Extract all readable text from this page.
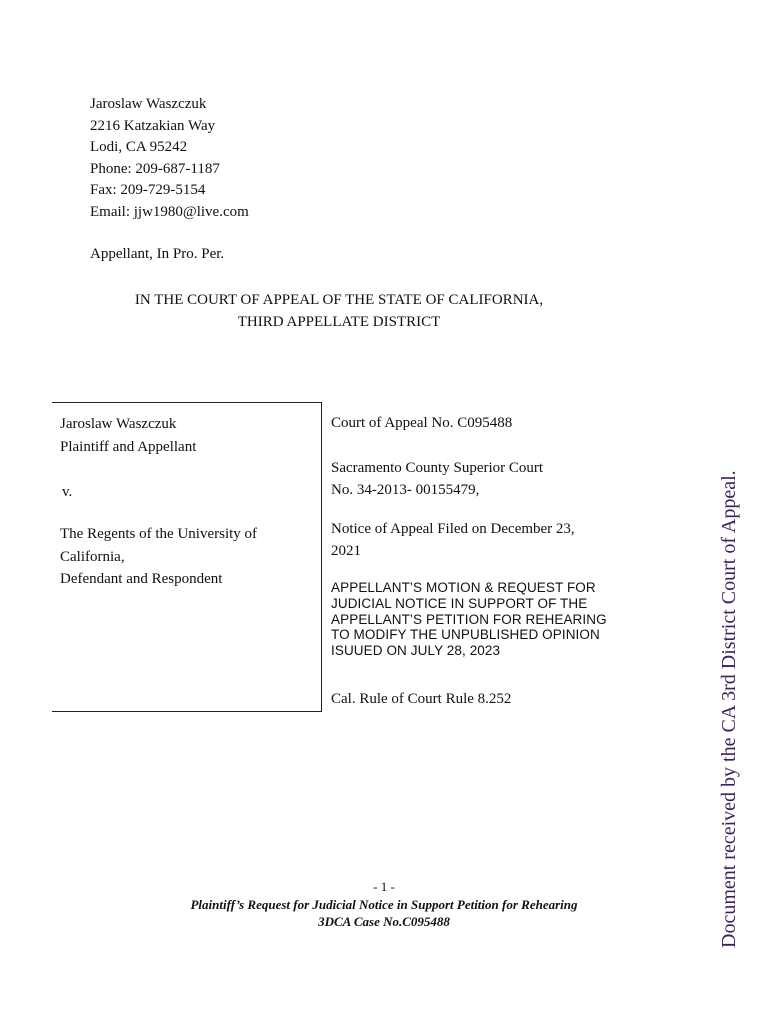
Jaroslaw Waszczuk
2216 Katzakian Way
Lodi, CA 95242
Phone: 209-687-1187
Fax: 209-729-5154
Email: jjw1980@live.com
Appellant, In Pro. Per.
IN THE COURT OF APPEAL OF THE STATE OF CALIFORNIA,
THIRD APPELLATE DISTRICT
Jaroslaw Waszczuk
Plaintiff and Appellant
v.
The Regents of the University of
California,
Defendant and Respondent
Court of Appeal No. C095488
Sacramento County Superior Court
No. 34-2013- 00155479,
Notice of Appeal Filed on December 23,
2021
APPELLANT’S MOTION & REQUEST FOR
JUDICIAL NOTICE IN SUPPORT OF THE
APPELLANT’S PETITION FOR REHEARING
TO MODIFY THE UNPUBLISHED OPINION
ISUUED ON JULY 28, 2023
Cal. Rule of Court Rule 8.252
- 1 -
Plaintiff’s Request for Judicial Notice in Support Petition for Rehearing
3DCA Case No.C095488	Document received by the CA 3rd District Court of Appeal.
